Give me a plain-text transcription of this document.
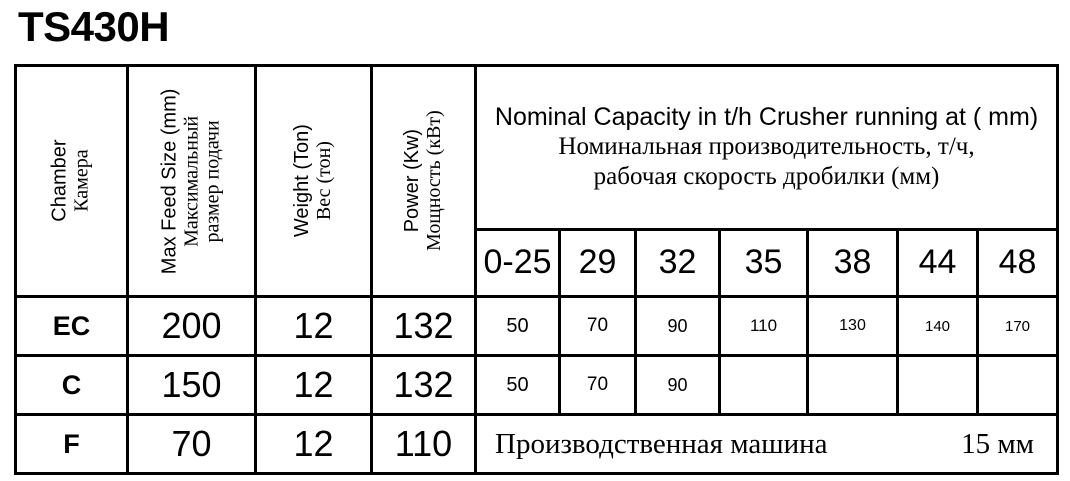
TS430H
Chamber Камера	Max Feed Size (mm) Максимальный размер подачи	Weight (Ton) Вес (тон)	Power (Kw) Мощность (кВт)	Nominal Capacity in t/h Crusher running at ( mm)
Номинальная производительность, т/ч,
рабочая скорость дробилки (мм)

				0-25	29	32	35	38	44	48
EC	200	12	132	50	70	90	110	130	140	170
C	150	12	132	50	70	90				
F	70	12	110	Производственная машина 15 мм						
